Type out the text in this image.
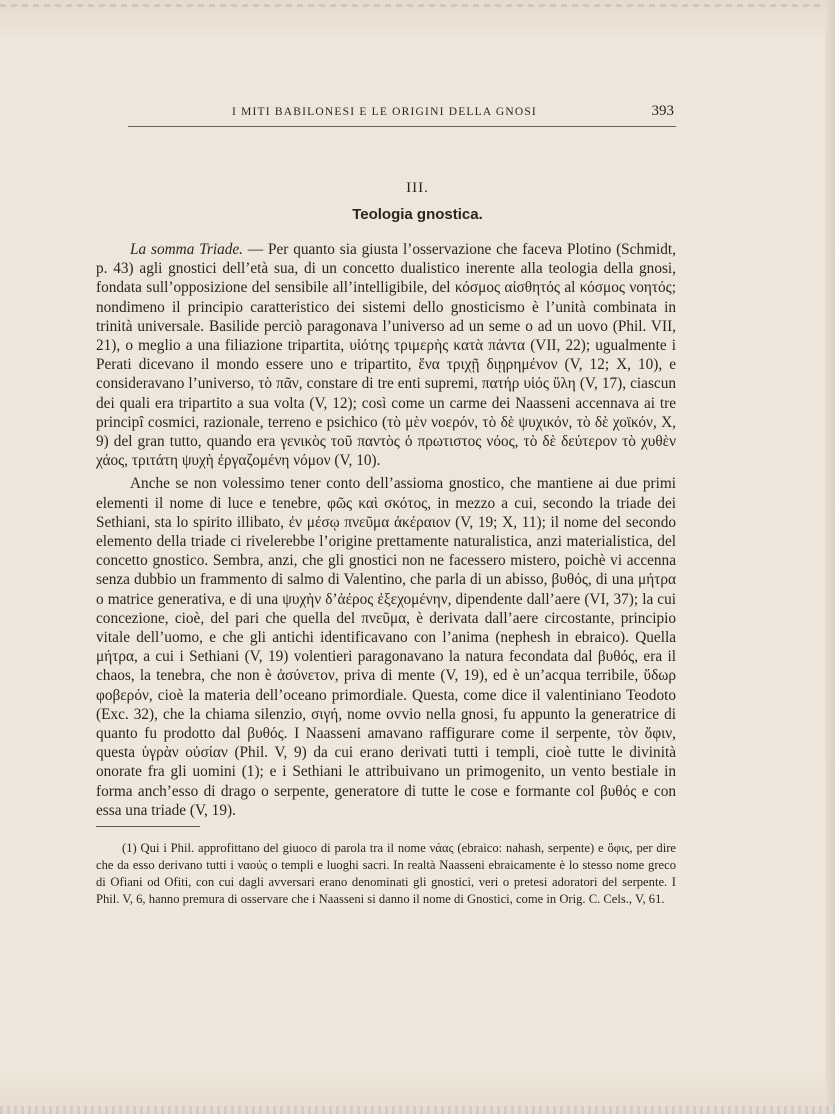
I MITI BABILONESI E LE ORIGINI DELLA GNOSI	393
III.
Teologia gnostica.

La somma Triade. — Per quanto sia giusta l’osservazione che faceva Plotino (Schmidt, p. 43) agli gnostici dell’età sua, di un concetto dualistico inerente alla teologia della gnosi, fondata sull’opposizione del sensibile all’intelligibile, del κόσμος αἰσθητός al κόσμος νοητός; nondimeno il principio caratteristico dei sistemi dello gnosticismo è l’unità combinata in trinità universale. Basilide perciò paragonava l’universo ad un seme o ad un uovo (Phil. VII, 21), o meglio a una filiazione tripartita, υἱότης τριμερὴς κατὰ πάντα (VII, 22); ugualmente i Perati dicevano il mondo essere uno e tripartito, ἕνα τριχῇ διῃρημένον (V, 12; X, 10), e consideravano l’universo, τὸ πᾶν, constare di tre enti supremi, πατήρ υἱός ὕλη (V, 17), ciascun dei quali era tripartito a sua volta (V, 12); così come un carme dei Naasseni accennava ai tre principî cosmici, razionale, terreno e psichico (τὸ μὲν νοερόν, τὸ δὲ ψυχικόν, τὸ δὲ χοϊκόν, X, 9) del gran tutto, quando era γενικὸς τοῦ παντὸς ὁ πρωτιστος νόος, τὸ δὲ δεύτερον τὸ χυθὲν χάος, τριτάτη ψυχὴ ἐργαζομένη νόμον (V, 10).

Anche se non volessimo tener conto dell’assioma gnostico, che mantiene ai due primi elementi il nome di luce e tenebre, φῶς καὶ σκότος, in mezzo a cui, secondo la triade dei Sethiani, sta lo spirito illibato, ἐν μέσῳ πνεῦμα ἀκέραιον (V, 19; X, 11); il nome del secondo elemento della triade ci rivelerebbe l’origine prettamente naturalistica, anzi materialistica, del concetto gnostico. Sembra, anzi, che gli gnostici non ne facessero mistero, poichè vi accenna senza dubbio un frammento di salmo di Valentino, che parla di un abisso, βυθός, di una μήτρα o matrice generativa, e di una ψυχὴν δ’ἀέρος ἐξεχομένην, dipendente dall’aere (VI, 37); la cui concezione, cioè, del pari che quella del πνεῦμα, è derivata dall’aere circostante, principio vitale dell’uomo, e che gli antichi identificavano con l’anima (nephesh in ebraico). Quella μήτρα, a cui i Sethiani (V, 19) volentieri paragonavano la natura fecondata dal βυθός, era il chaos, la tenebra, che non è ἀσύνετον, priva di mente (V, 19), ed è un’acqua terribile, ὕδωρ φοβερόν, cioè la materia dell’oceano primordiale. Questa, come dice il valentiniano Teodoto (Exc. 32), che la chiama silenzio, σιγή, nome ovvio nella gnosi, fu appunto la generatrice di quanto fu prodotto dal βυθός. I Naasseni amavano raffigurare come il serpente, τὸν ὄφιν, questa ὑγρὰν οὐσίαν (Phil. V, 9) da cui erano derivati tutti i templi, cioè tutte le divinità onorate fra gli uomini (1); e i Sethiani le attribuivano un primogenito, un vento bestiale in forma anch’esso di drago o serpente, generatore di tutte le cose e formante col βυθός e con essa una triade (V, 19).

(1) Qui i Phil. approfittano del giuoco di parola tra il nome νάας (ebraico: nahash, serpente) e ὄφις, per dire che da esso derivano tutti i ναούς o templi e luoghi sacri. In realtà Naasseni ebraicamente è lo stesso nome greco di Ofiani od Ofiti, con cui dagli avversari erano denominati gli gnostici, veri o pretesi adoratori del serpente. I Phil. V, 6, hanno premura di osservare che i Naasseni si danno il nome di Gnostici, come in Orig. C. Cels., V, 61.
